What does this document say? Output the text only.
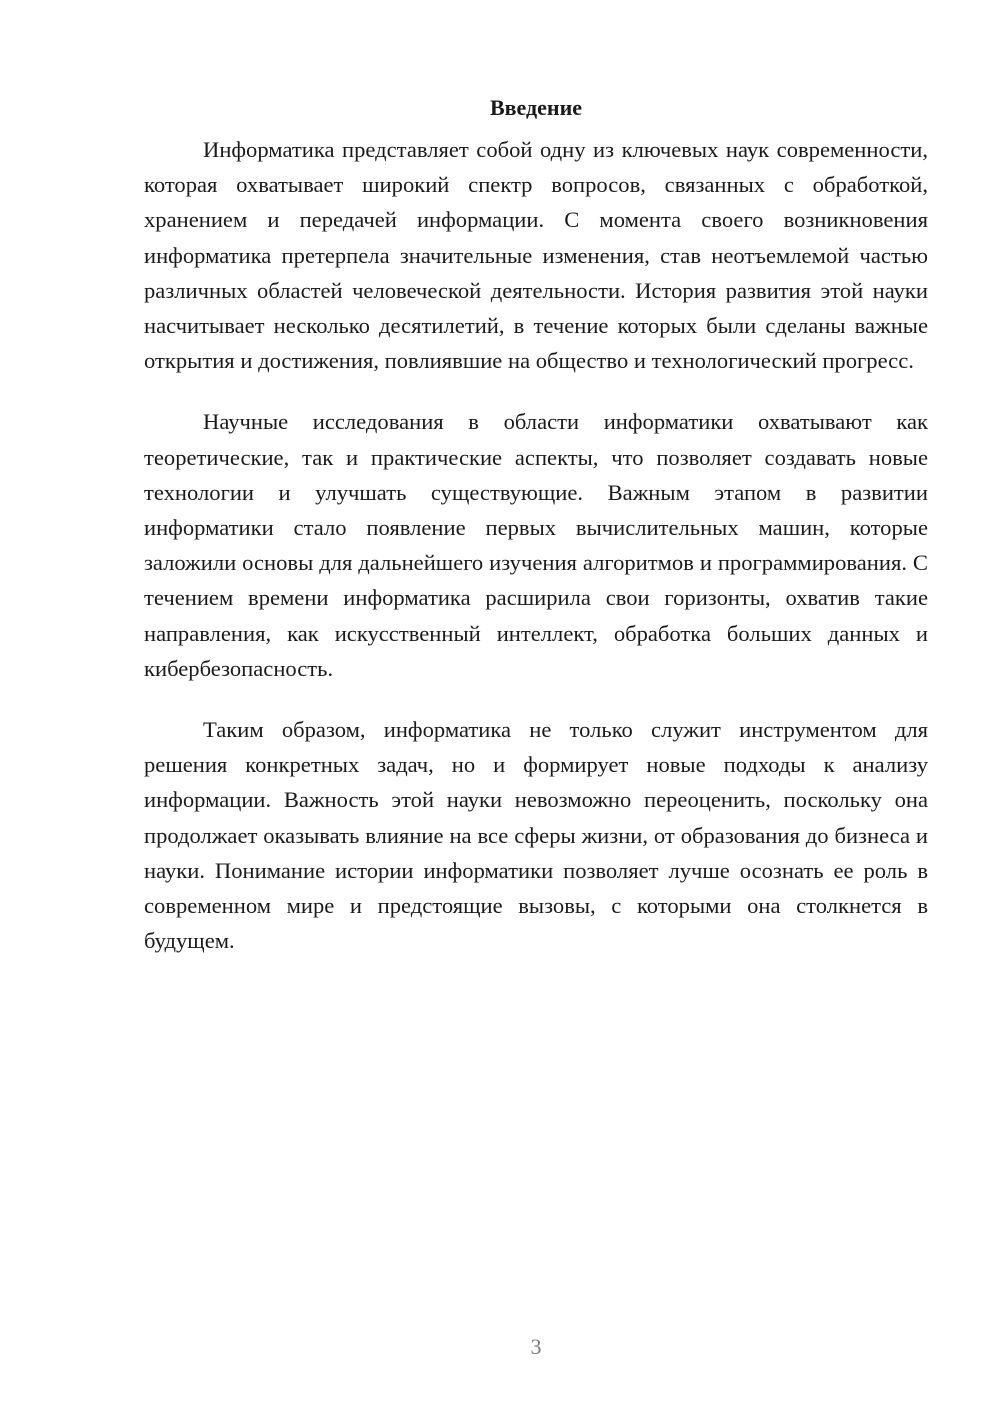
Введение

Информатика представляет собой одну из ключевых наук современности, которая охватывает широкий спектр вопросов, связанных с обработкой, хранением и передачей информации. С момента своего возникновения информатика претерпела значительные изменения, став неотъемлемой частью различных областей человеческой деятельности. История развития этой науки насчитывает несколько десятилетий, в течение которых были сделаны важные открытия и достижения, повлиявшие на общество и технологический прогресс.

Научные исследования в области информатики охватывают как теоретические, так и практические аспекты, что позволяет создавать новые технологии и улучшать существующие. Важным этапом в развитии информатики стало появление первых вычислительных машин, которые заложили основы для дальнейшего изучения алгоритмов и программирования. С течением времени информатика расширила свои горизонты, охватив такие направления, как искусственный интеллект, обработка больших данных и кибербезопасность.

Таким образом, информатика не только служит инструментом для решения конкретных задач, но и формирует новые подходы к анализу информации. Важность этой науки невозможно переоценить, поскольку она продолжает оказывать влияние на все сферы жизни, от образования до бизнеса и науки. Понимание истории информатики позволяет лучше осознать ее роль в современном мире и предстоящие вызовы, с которыми она столкнется в будущем.

3
